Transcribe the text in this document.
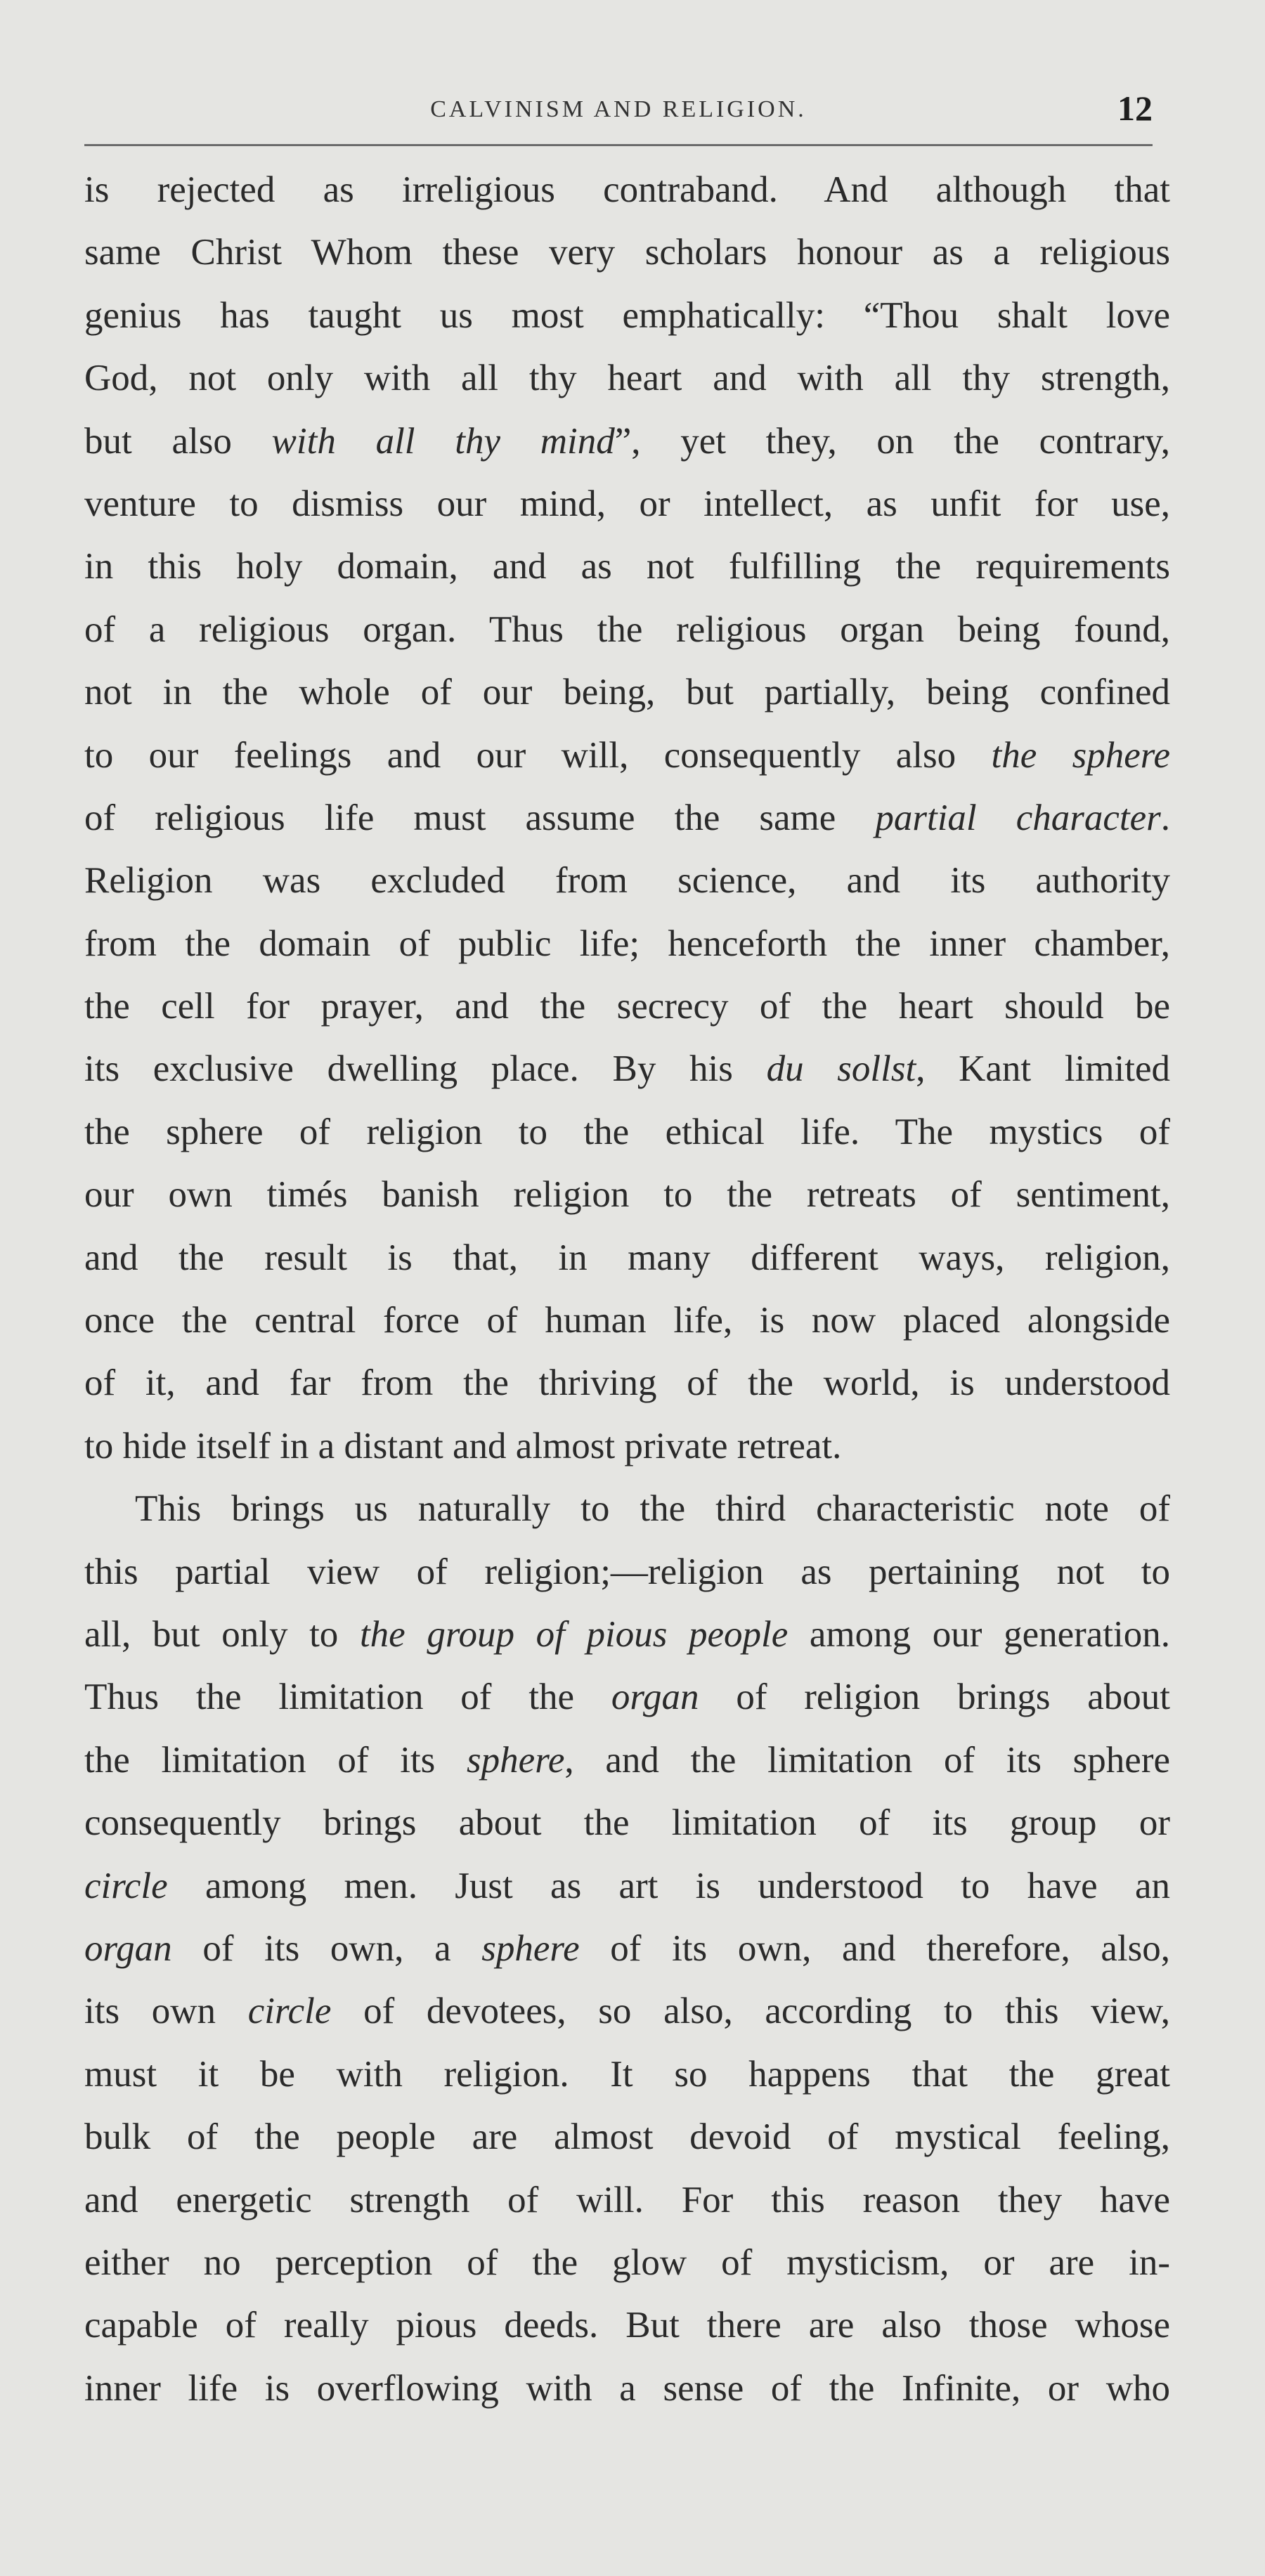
CALVINISM AND RELIGION.	12
is rejected as irreligious contraband. And although that
same Christ Whom these very scholars honour as a religious
genius has taught us most emphatically: “Thou shalt love
God, not only with all thy heart and with all thy strength,
but also with all thy mind”, yet they, on the contrary,
venture to dismiss our mind, or intellect, as unfit for use,
in this holy domain, and as not fulfilling the requirements
of a religious organ. Thus the religious organ being found,
not in the whole of our being, but partially, being confined
to our feelings and our will, consequently also the sphere
of religious life must assume the same partial character.
Religion was excluded from science, and its authority
from the domain of public life; henceforth the inner chamber,
the cell for prayer, and the secrecy of the heart should be
its exclusive dwelling place. By his du sollst, Kant limited
the sphere of religion to the ethical life. The mystics of
our own timés banish religion to the retreats of sentiment,
and the result is that, in many different ways, religion,
once the central force of human life, is now placed alongside
of it, and far from the thriving of the world, is understood
to hide itself in a distant and almost private retreat.
This brings us naturally to the third characteristic note of
this partial view of religion;—religion as pertaining not to
all, but only to the group of pious people among our generation.
Thus the limitation of the organ of religion brings about
the limitation of its sphere, and the limitation of its sphere
consequently brings about the limitation of its group or
circle among men. Just as art is understood to have an
organ of its own, a sphere of its own, and therefore, also,
its own circle of devotees, so also, according to this view,
must it be with religion. It so happens that the great
bulk of the people are almost devoid of mystical feeling,
and energetic strength of will. For this reason they have
either no perception of the glow of mysticism, or are in-
capable of really pious deeds. But there are also those whose
inner life is overflowing with a sense of the Infinite, or who
